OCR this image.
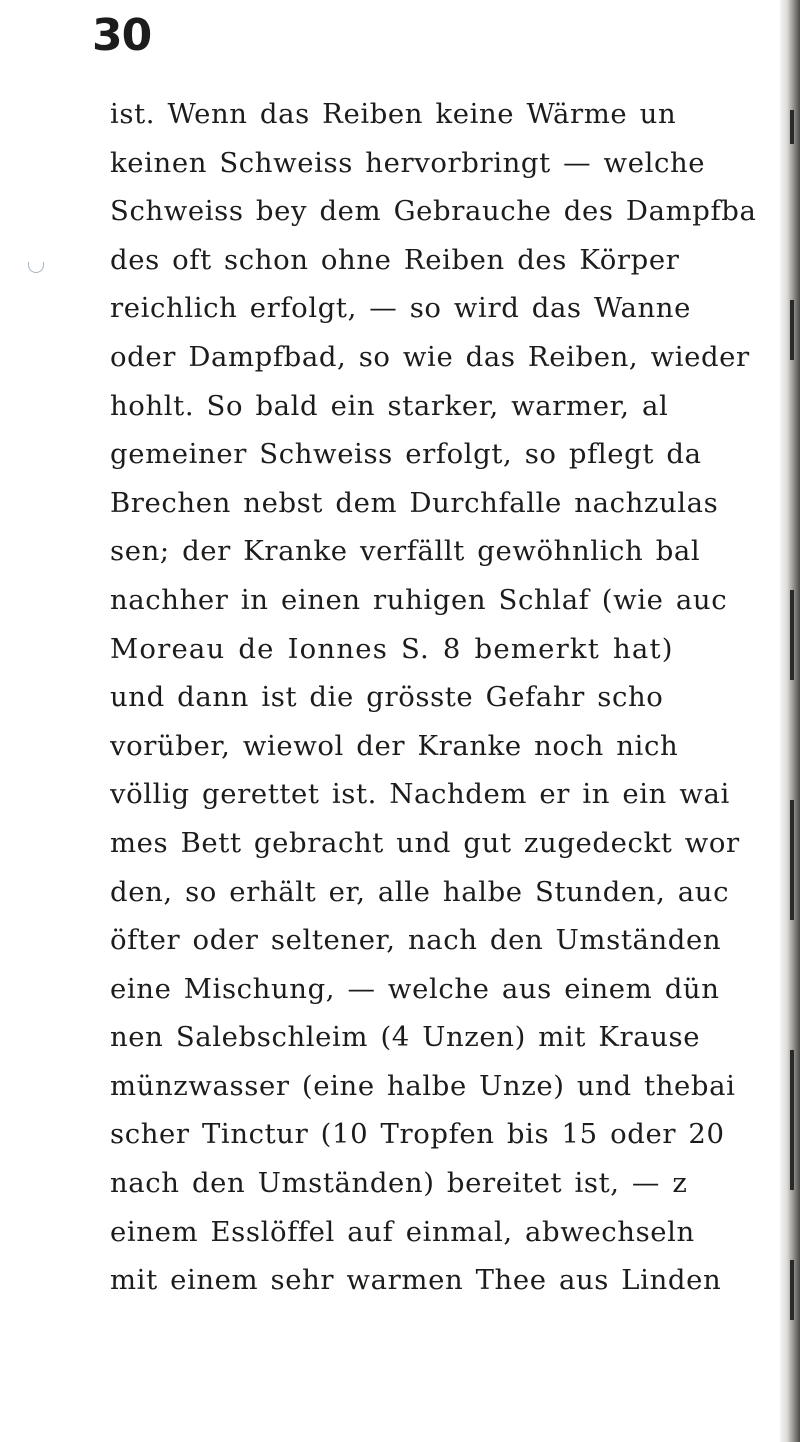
30
ist. Wenn das Reiben keine Wärme un
keinen Schweiss hervorbringt — welche
Schweiss bey dem Gebrauche des Dampfba
des oft schon ohne Reiben des Körper
reichlich erfolgt, — so wird das Wanne
oder Dampfbad, so wie das Reiben, wieder
hohlt. So bald ein starker, warmer, al
gemeiner Schweiss erfolgt, so pflegt da
Brechen nebst dem Durchfalle nachzulas
sen; der Kranke verfällt gewöhnlich bal
nachher in einen ruhigen Schlaf (wie auc
Moreau de Ionnes S. 8 bemerkt hat)
und dann ist die grösste Gefahr scho
vorüber, wiewol der Kranke noch nich
völlig gerettet ist. Nachdem er in ein wai
mes Bett gebracht und gut zugedeckt wor
den, so erhält er, alle halbe Stunden, auc
öfter oder seltener, nach den Umständen
eine Mischung, — welche aus einem dün
nen Salebschleim (4 Unzen) mit Krause
münzwasser (eine halbe Unze) und thebai
scher Tinctur (10 Tropfen bis 15 oder 20
nach den Umständen) bereitet ist, — z
einem Esslöffel auf einmal, abwechseln
mit einem sehr warmen Thee aus Linden
